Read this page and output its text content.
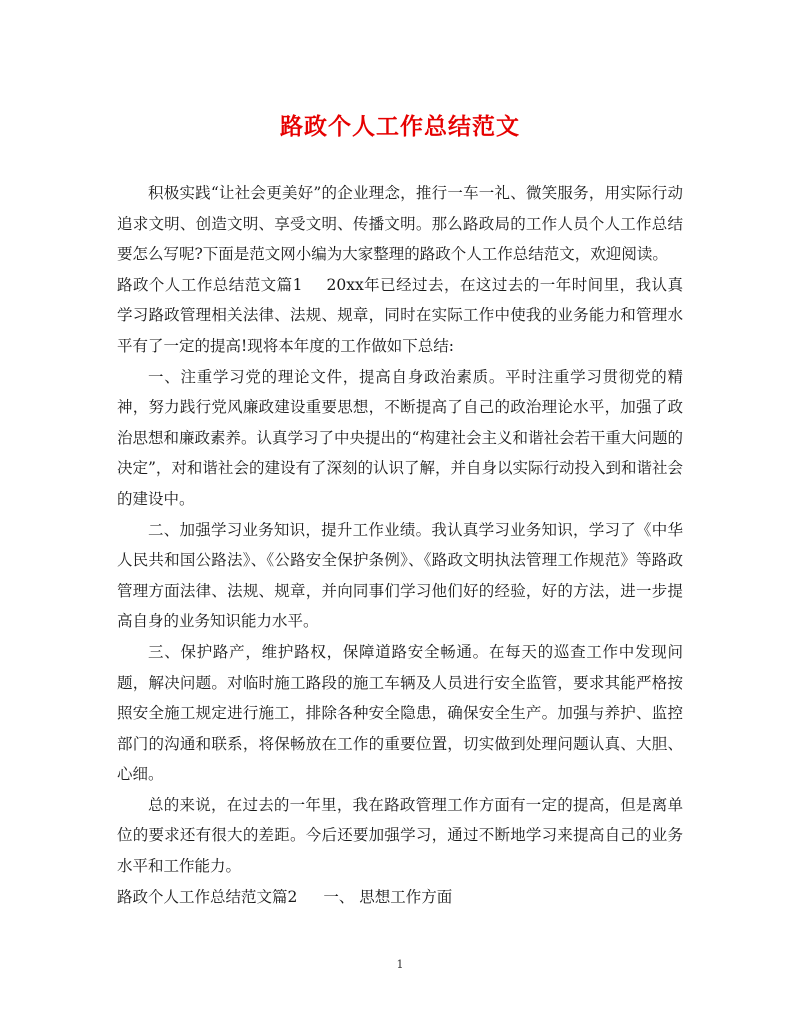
路政个人工作总结范文

积极实践“让社会更美好”的企业理念，推行一车一礼、微笑服务，用实际行动追求文明、创造文明、享受文明、传播文明。那么路政局的工作人员个人工作总结要怎么写呢?下面是范文网小编为大家整理的路政个人工作总结范文，欢迎阅读。

路政个人工作总结范文篇1 20xx年已经过去，在这过去的一年时间里，我认真学习路政管理相关法律、法规、规章，同时在实际工作中使我的业务能力和管理水平有了一定的提高!现将本年度的工作做如下总结:

一、注重学习党的理论文件，提高自身政治素质。平时注重学习贯彻党的精神，努力践行党风廉政建设重要思想，不断提高了自己的政治理论水平，加强了政治思想和廉政素养。认真学习了中央提出的“构建社会主义和谐社会若干重大问题的决定”，对和谐社会的建设有了深刻的认识了解，并自身以实际行动投入到和谐社会的建设中。

二、加强学习业务知识，提升工作业绩。我认真学习业务知识，学习了《中华人民共和国公路法》、《公路安全保护条例》、《路政文明执法管理工作规范》等路政管理方面法律、法规、规章，并向同事们学习他们好的经验，好的方法，进一步提高自身的业务知识能力水平。

三、保护路产，维护路权，保障道路安全畅通。在每天的巡查工作中发现问题，解决问题。对临时施工路段的施工车辆及人员进行安全监管，要求其能严格按照安全施工规定进行施工，排除各种安全隐患，确保安全生产。加强与养护、监控部门的沟通和联系，将保畅放在工作的重要位置，切实做到处理问题认真、大胆、心细。

总的来说，在过去的一年里，我在路政管理工作方面有一定的提高，但是离单位的要求还有很大的差距。今后还要加强学习，通过不断地学习来提高自己的业务水平和工作能力。

路政个人工作总结范文篇2 一、 思想工作方面

1
